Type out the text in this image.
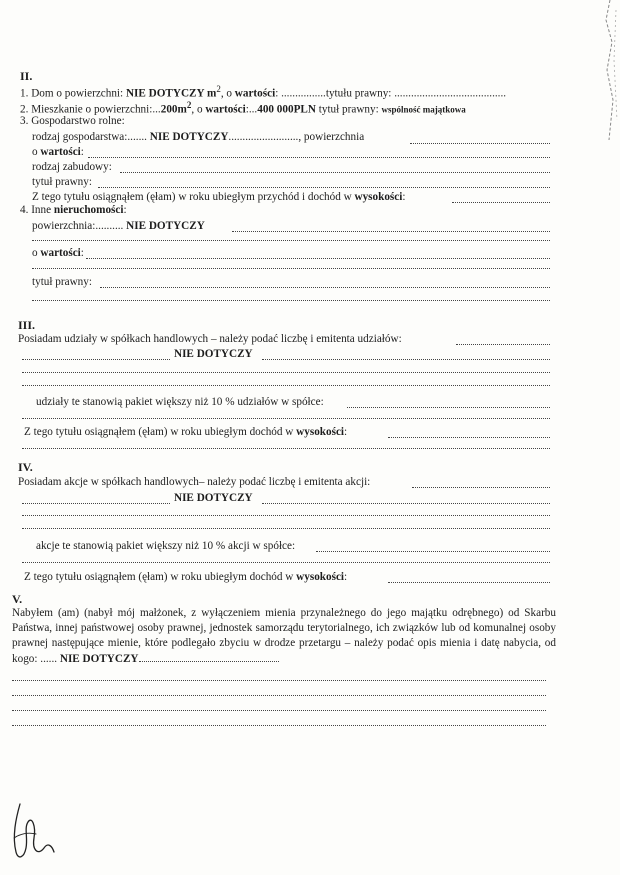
II.
1. Dom o powierzchni: NIE DOTYCZY $m^2$, o wartości: ................tytułu prawny: ........................................
2. Mieszkanie o $powierzchni:...200m^2$, o wartości:...400 000PLN tytuł prawny: wspólność majątkowa
3. Gospodarstwo rolne:
rodzaj gospodarstwa:....... NIE DOTYCZY........................., powierzchnia
o wartości:
rodzaj zabudowy:
tytuł prawny:
Z tego tytułu osiągnąłem (ęłam) w roku ubiegłym przychód i dochód w wysokości:
4. Inne nieruchomości:
powierzchnia:.......... NIE DOTYCZY
o wartości:
tytuł prawny:
III.
Posiadam udziały w spółkach handlowych – należy podać liczbę i emitenta udziałów:
NIE DOTYCZY
udziały te stanowią pakiet większy niż 10 % udziałów w spółce:
Z tego tytułu osiągnąłem (ęłam) w roku ubiegłym dochód w wysokości:
IV.
Posiadam akcje w spółkach handlowych– należy podać liczbę i emitenta akcji:
NIE DOTYCZY
akcje te stanowią pakiet większy niż 10 % akcji w spółce:
Z tego tytułu osiągnąłem (ęłam) w roku ubiegłym dochód w wysokości:
V.
Nabyłem (am) (nabył mój małżonek, z wyłączeniem mienia przynależnego do jego majątku odrębnego) od Skarbu Państwa, innej państwowej osoby prawnej, jednostek samorządu terytorialnego, ich związków lub od komunalnej osoby prawnej następujące mienie, które podlegało zbyciu w drodze przetargu – należy podać opis mienia i datę nabycia, od kogo: ...... NIE DOTYCZY
